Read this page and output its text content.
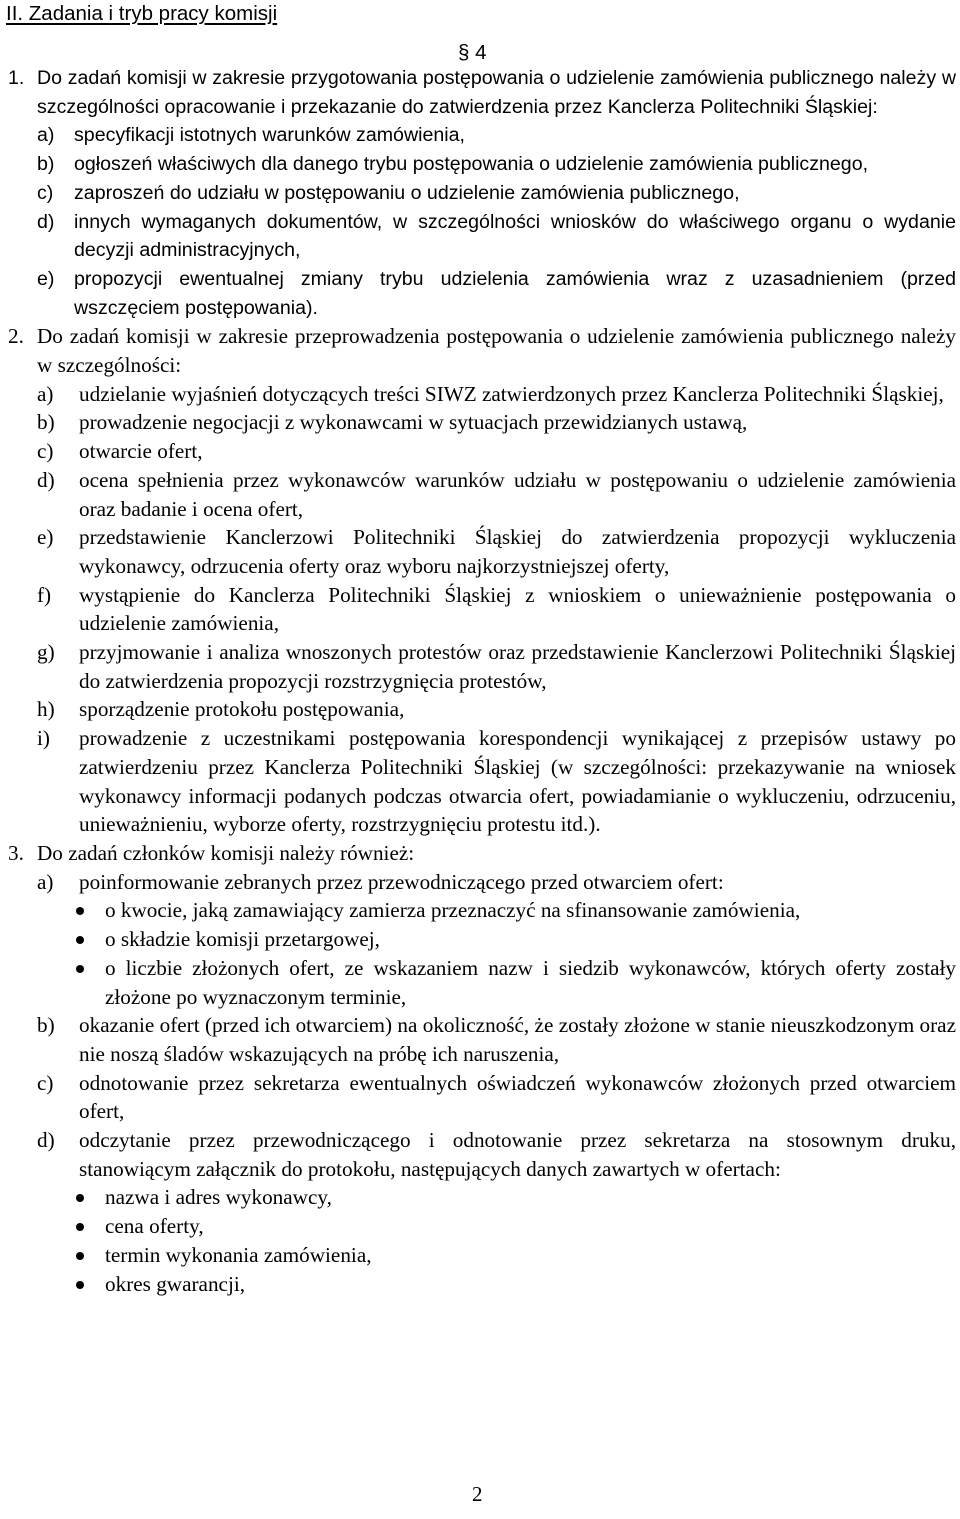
II. Zadania i tryb pracy komisji
§ 4
1. Do zadań komisji w zakresie przygotowania postępowania o udzielenie zamówienia publicznego należy w szczególności opracowanie i przekazanie do zatwierdzenia przez Kanclerza Politechniki Śląskiej:
a) specyfikacji istotnych warunków zamówienia,
b) ogłoszeń właściwych dla danego trybu postępowania o udzielenie zamówienia publicznego,
c) zaproszeń do udziału w postępowaniu o udzielenie zamówienia publicznego,
d) innych wymaganych dokumentów, w szczególności wniosków do właściwego organu o wydanie decyzji administracyjnych,
e) propozycji ewentualnej zmiany trybu udzielenia zamówienia wraz z uzasadnieniem (przed wszczęciem postępowania).
2. Do zadań komisji w zakresie przeprowadzenia postępowania o udzielenie zamówienia publicznego należy w szczególności:
a) udzielanie wyjaśnień dotyczących treści SIWZ zatwierdzonych przez Kanclerza Politechniki Śląskiej,
b) prowadzenie negocjacji z wykonawcami w sytuacjach przewidzianych ustawą,
c) otwarcie ofert,
d) ocena spełnienia przez wykonawców warunków udziału w postępowaniu o udzielenie zamówienia oraz badanie i ocena ofert,
e) przedstawienie Kanclerzowi Politechniki Śląskiej do zatwierdzenia propozycji wykluczenia wykonawcy, odrzucenia oferty oraz wyboru najkorzystniejszej oferty,
f) wystąpienie do Kanclerza Politechniki Śląskiej z wnioskiem o unieważnienie postępowania o udzielenie zamówienia,
g) przyjmowanie i analiza wnoszonych protestów oraz przedstawienie Kanclerzowi Politechniki Śląskiej do zatwierdzenia propozycji rozstrzygnięcia protestów,
h) sporządzenie protokołu postępowania,
i) prowadzenie z uczestnikami postępowania korespondencji wynikającej z przepisów ustawy po zatwierdzeniu przez Kanclerza Politechniki Śląskiej (w szczególności: przekazywanie na wniosek wykonawcy informacji podanych podczas otwarcia ofert, powiadamianie o wykluczeniu, odrzuceniu, unieważnieniu, wyborze oferty, rozstrzygnięciu protestu itd.).
3. Do zadań członków komisji należy również:
a) poinformowanie zebranych przez przewodniczącego przed otwarciem ofert:
o kwocie, jaką zamawiający zamierza przeznaczyć na sfinansowanie zamówienia,
o składzie komisji przetargowej,
o liczbie złożonych ofert, ze wskazaniem nazw i siedzib wykonawców, których oferty zostały złożone po wyznaczonym terminie,
b) okazanie ofert (przed ich otwarciem) na okoliczność, że zostały złożone w stanie nieuszkodzonym oraz nie noszą śladów wskazujących na próbę ich naruszenia,
c) odnotowanie przez sekretarza ewentualnych oświadczeń wykonawców złożonych przed otwarciem ofert,
d) odczytanie przez przewodniczącego i odnotowanie przez sekretarza na stosownym druku, stanowiącym załącznik do protokołu, następujących danych zawartych w ofertach:
nazwa i adres wykonawcy,
cena oferty,
termin wykonania zamówienia,
okres gwarancji,
2
